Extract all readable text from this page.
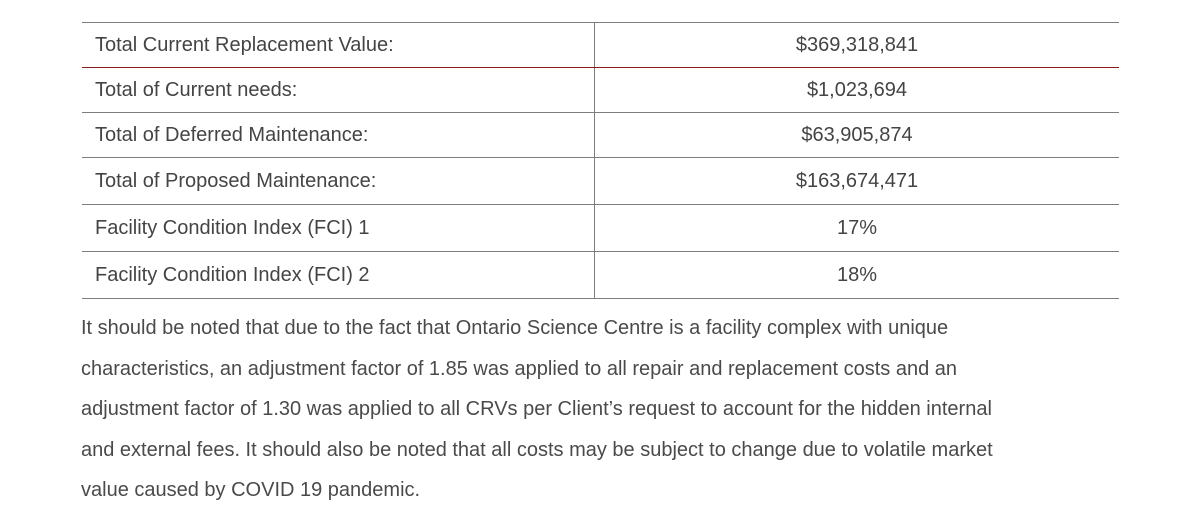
Total Current Replacement Value:	$369,318,841
Total of Current needs:	$1,023,694
Total of Deferred Maintenance:	$63,905,874
Total of Proposed Maintenance:	$163,674,471
Facility Condition Index (FCI) 1	17%
Facility Condition Index (FCI) 2	18%

It should be noted that due to the fact that Ontario Science Centre is a facility complex with unique
characteristics, an adjustment factor of 1.85 was applied to all repair and replacement costs and an
adjustment factor of 1.30 was applied to all CRVs per Client’s request to account for the hidden internal
and external fees. It should also be noted that all costs may be subject to change due to volatile market
value caused by COVID 19 pandemic.
